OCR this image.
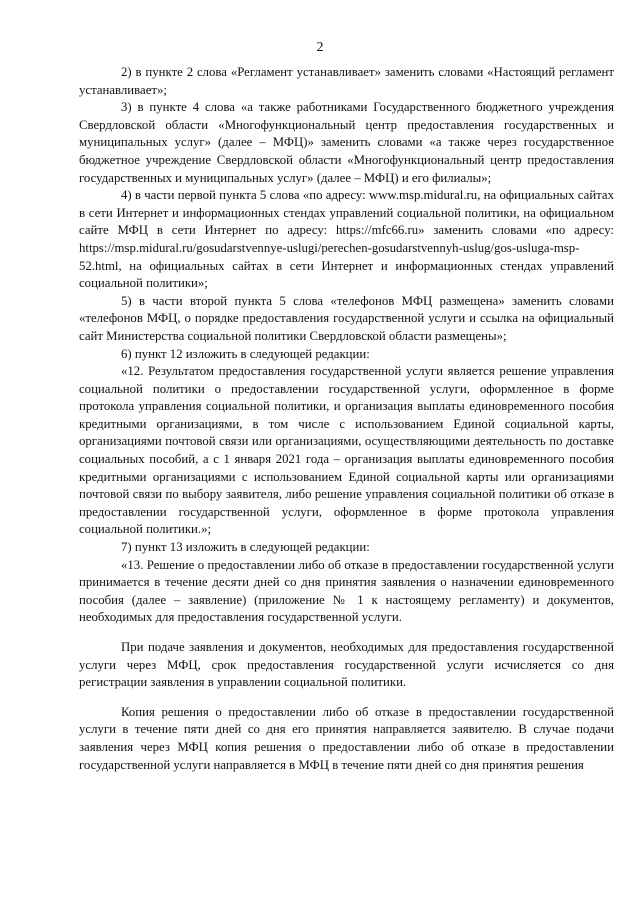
2

2) в пункте 2 слова «Регламент устанавливает» заменить словами «Настоящий регламент устанавливает»;

3) в пункте 4 слова «а также работниками Государственного бюджетного учреждения Свердловской области «Многофункциональный центр предоставления государственных и муниципальных услуг» (далее – МФЦ)» заменить словами «а также через государственное бюджетное учреждение Свердловской области «Многофункциональный центр предоставления государственных и муниципальных услуг» (далее – МФЦ) и его филиалы»;

4) в части первой пункта 5 слова «по адресу: www.msp.midural.ru, на официальных сайтах в сети Интернет и информационных стендах управлений социальной политики, на официальном сайте МФЦ в сети Интернет по адресу: https://mfc66.ru» заменить словами «по адресу: https://msp.midural.ru/gosudarstvennye-uslugi/perechen-gosudarstvennyh-uslug/gos-usluga-msp-52.html, на официальных сайтах в сети Интернет и информационных стендах управлений социальной политики»;

5) в части второй пункта 5 слова «телефонов МФЦ размещена» заменить словами «телефонов МФЦ, о порядке предоставления государственной услуги и ссылка на официальный сайт Министерства социальной политики Свердловской области размещены»;

6) пункт 12 изложить в следующей редакции:

«12. Результатом предоставления государственной услуги является решение управления социальной политики о предоставлении государственной услуги, оформленное в форме протокола управления социальной политики, и организация выплаты единовременного пособия кредитными организациями, в том числе с использованием Единой социальной карты, организациями почтовой связи или организациями, осуществляющими деятельность по доставке социальных пособий, а с 1 января 2021 года – организация выплаты единовременного пособия кредитными организациями с использованием Единой социальной карты или организациями почтовой связи по выбору заявителя, либо решение управления социальной политики об отказе в предоставлении государственной услуги, оформленное в форме протокола управления социальной политики.»;

7) пункт 13 изложить в следующей редакции:

«13. Решение о предоставлении либо об отказе в предоставлении государственной услуги принимается в течение десяти дней со дня принятия заявления о назначении единовременного пособия (далее – заявление) (приложение № 1 к настоящему регламенту) и документов, необходимых для предоставления государственной услуги.

При подаче заявления и документов, необходимых для предоставления государственной услуги через МФЦ, срок предоставления государственной услуги исчисляется со дня регистрации заявления в управлении социальной политики.

Копия решения о предоставлении либо об отказе в предоставлении государственной услуги в течение пяти дней со дня его принятия направляется заявителю. В случае подачи заявления через МФЦ копия решения о предоставлении либо об отказе в предоставлении государственной услуги направляется в МФЦ в течение пяти дней со дня принятия решения
